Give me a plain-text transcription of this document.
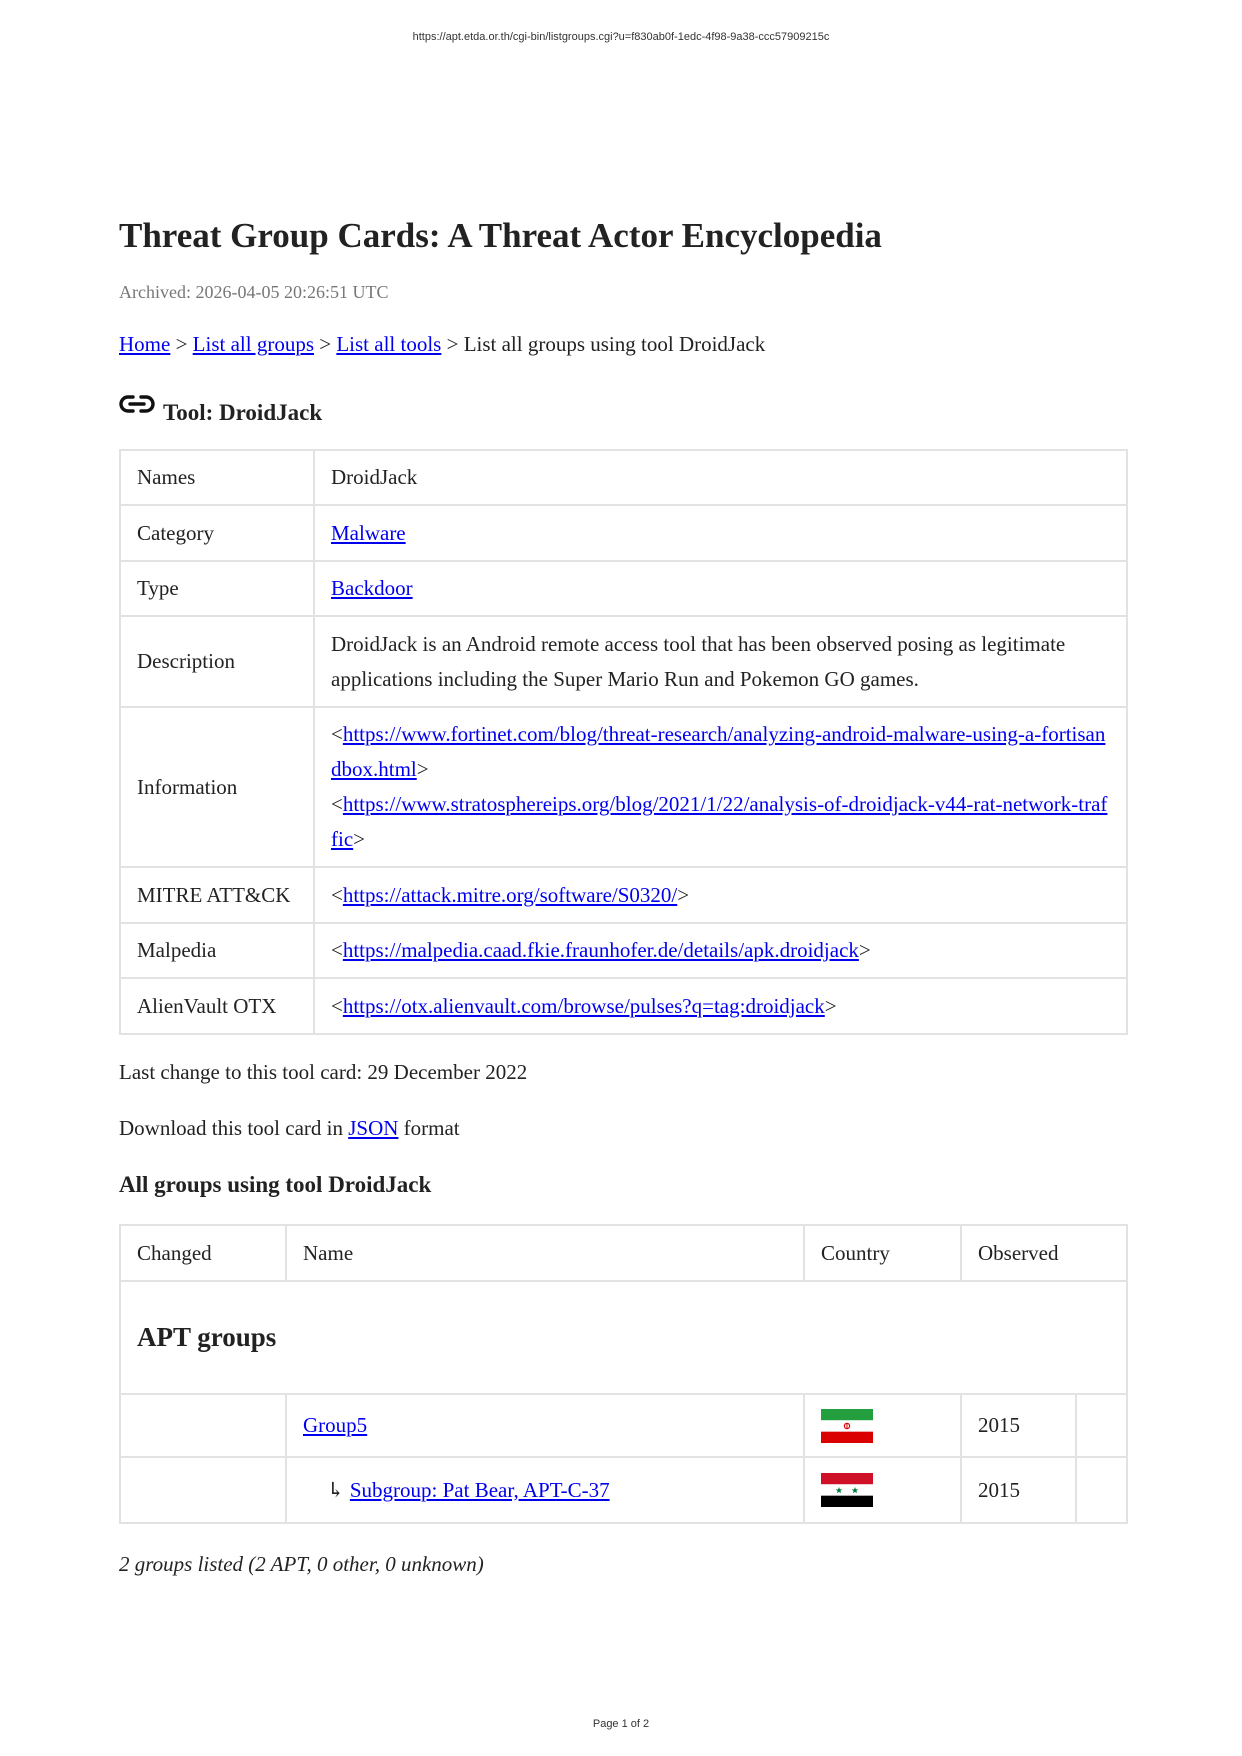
https://apt.etda.or.th/cgi-bin/listgroups.cgi?u=f830ab0f-1edc-4f98-9a38-ccc57909215c
Threat Group Cards: A Threat Actor Encyclopedia
Archived: 2026-04-05 20:26:51 UTC
Home > List all groups > List all tools > List all groups using tool DroidJack
Tool: DroidJack
Names	DroidJack
Category	Malware
Type	Backdoor
Description	DroidJack is an Android remote access tool that has been observed posing as legitimate applications including the Super Mario Run and Pokemon GO games.
Information	<https://www.fortinet.com/blog/threat-research/analyzing-android-malware-using-a-fortisandbox.html>
<https://www.stratosphereips.org/blog/2021/1/22/analysis-of-droidjack-v44-rat-network-traffic>

MITRE ATT&CK	<https://attack.mitre.org/software/S0320/>
Malpedia	<https://malpedia.caad.fkie.fraunhofer.de/details/apk.droidjack>
AlienVault OTX	<https://otx.alienvault.com/browse/pulses?q=tag:droidjack>
Last change to this tool card: 29 December 2022
Download this tool card in JSON format
All groups using tool DroidJack
Changed	Name	Country	Observed	
APT groups				
	Group5		2015	
	↳ Subgroup: Pat Bear, APT-C-37		2015	
2 groups listed (2 APT, 0 other, 0 unknown)
Page 1 of 2
